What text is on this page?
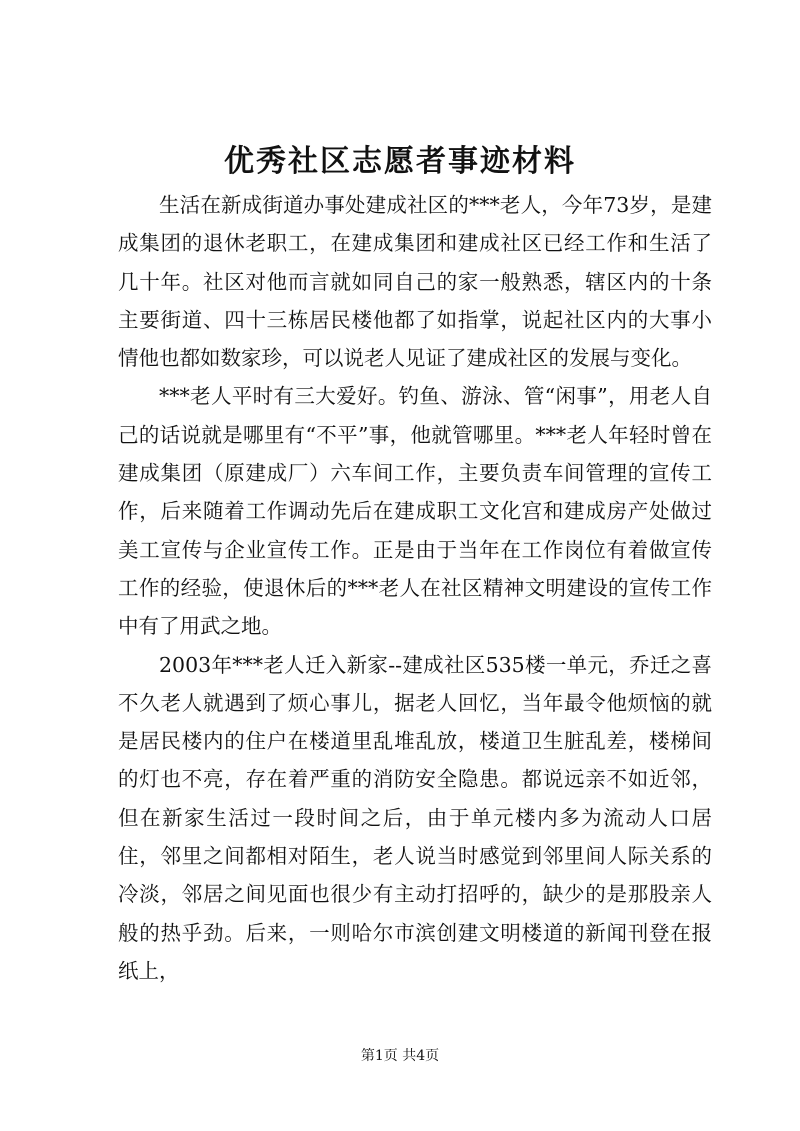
优秀社区志愿者事迹材料

生活在新成街道办事处建成社区的***老人，今年73岁，是建成集团的退休老职工，在建成集团和建成社区已经工作和生活了几十年。社区对他而言就如同自己的家一般熟悉，辖区内的十条主要街道、四十三栋居民楼他都了如指掌，说起社区内的大事小情他也都如数家珍，可以说老人见证了建成社区的发展与变化。

***老人平时有三大爱好。钓鱼、游泳、管“闲事”，用老人自己的话说就是哪里有“不平”事，他就管哪里。***老人年轻时曾在建成集团（原建成厂）六车间工作，主要负责车间管理的宣传工作，后来随着工作调动先后在建成职工文化宫和建成房产处做过美工宣传与企业宣传工作。正是由于当年在工作岗位有着做宣传工作的经验，使退休后的***老人在社区精神文明建设的宣传工作中有了用武之地。

2003年***老人迁入新家--建成社区535楼一单元，乔迁之喜不久老人就遇到了烦心事儿，据老人回忆，当年最令他烦恼的就是居民楼内的住户在楼道里乱堆乱放，楼道卫生脏乱差，楼梯间的灯也不亮，存在着严重的消防安全隐患。都说远亲不如近邻，但在新家生活过一段时间之后，由于单元楼内多为流动人口居住，邻里之间都相对陌生，老人说当时感觉到邻里间人际关系的冷淡，邻居之间见面也很少有主动打招呼的，缺少的是那股亲人般的热乎劲。后来，一则哈尔市滨创建文明楼道的新闻刊登在报纸上，

第1页 共4页
